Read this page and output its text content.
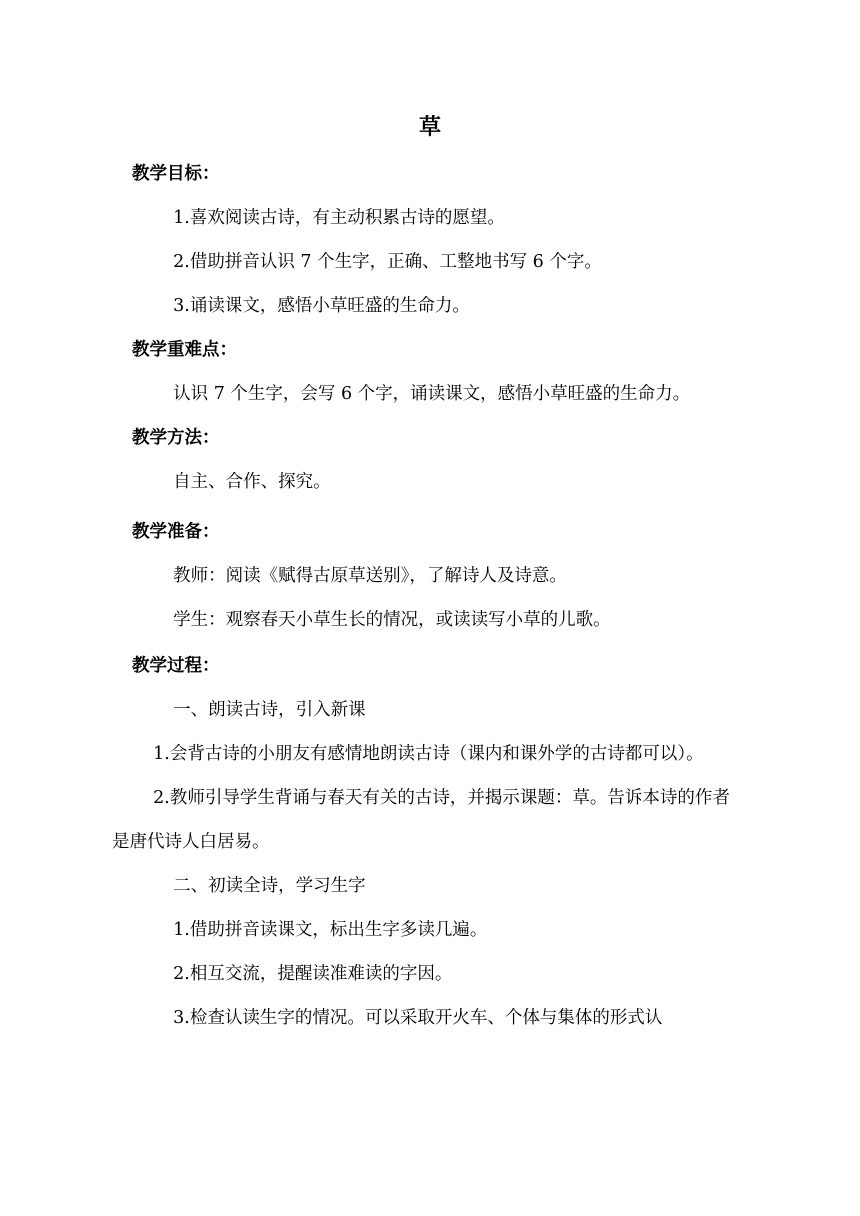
草
教学目标：

1.喜欢阅读古诗，有主动积累古诗的愿望。

2.借助拼音认识 7 个生字，正确、工整地书写 6 个字。

3.诵读课文，感悟小草旺盛的生命力。

教学重难点：

认识 7 个生字，会写 6 个字，诵读课文，感悟小草旺盛的生命力。

教学方法：

自主、合作、探究。

教学准备：

教师：阅读《赋得古原草送别》，了解诗人及诗意。

学生：观察春天小草生长的情况，或读读写小草的儿歌。

教学过程：

一、朗读古诗，引入新课

1.会背古诗的小朋友有感情地朗读古诗（课内和课外学的古诗都可以）。

2.教师引导学生背诵与春天有关的古诗，并揭示课题：草。告诉本诗的作者是唐代诗人白居易。

二、初读全诗，学习生字

1.借助拼音读课文，标出生字多读几遍。

2.相互交流，提醒读准难读的字因。

3.检查认读生字的情况。可以采取开火车、个体与集体的形式认
